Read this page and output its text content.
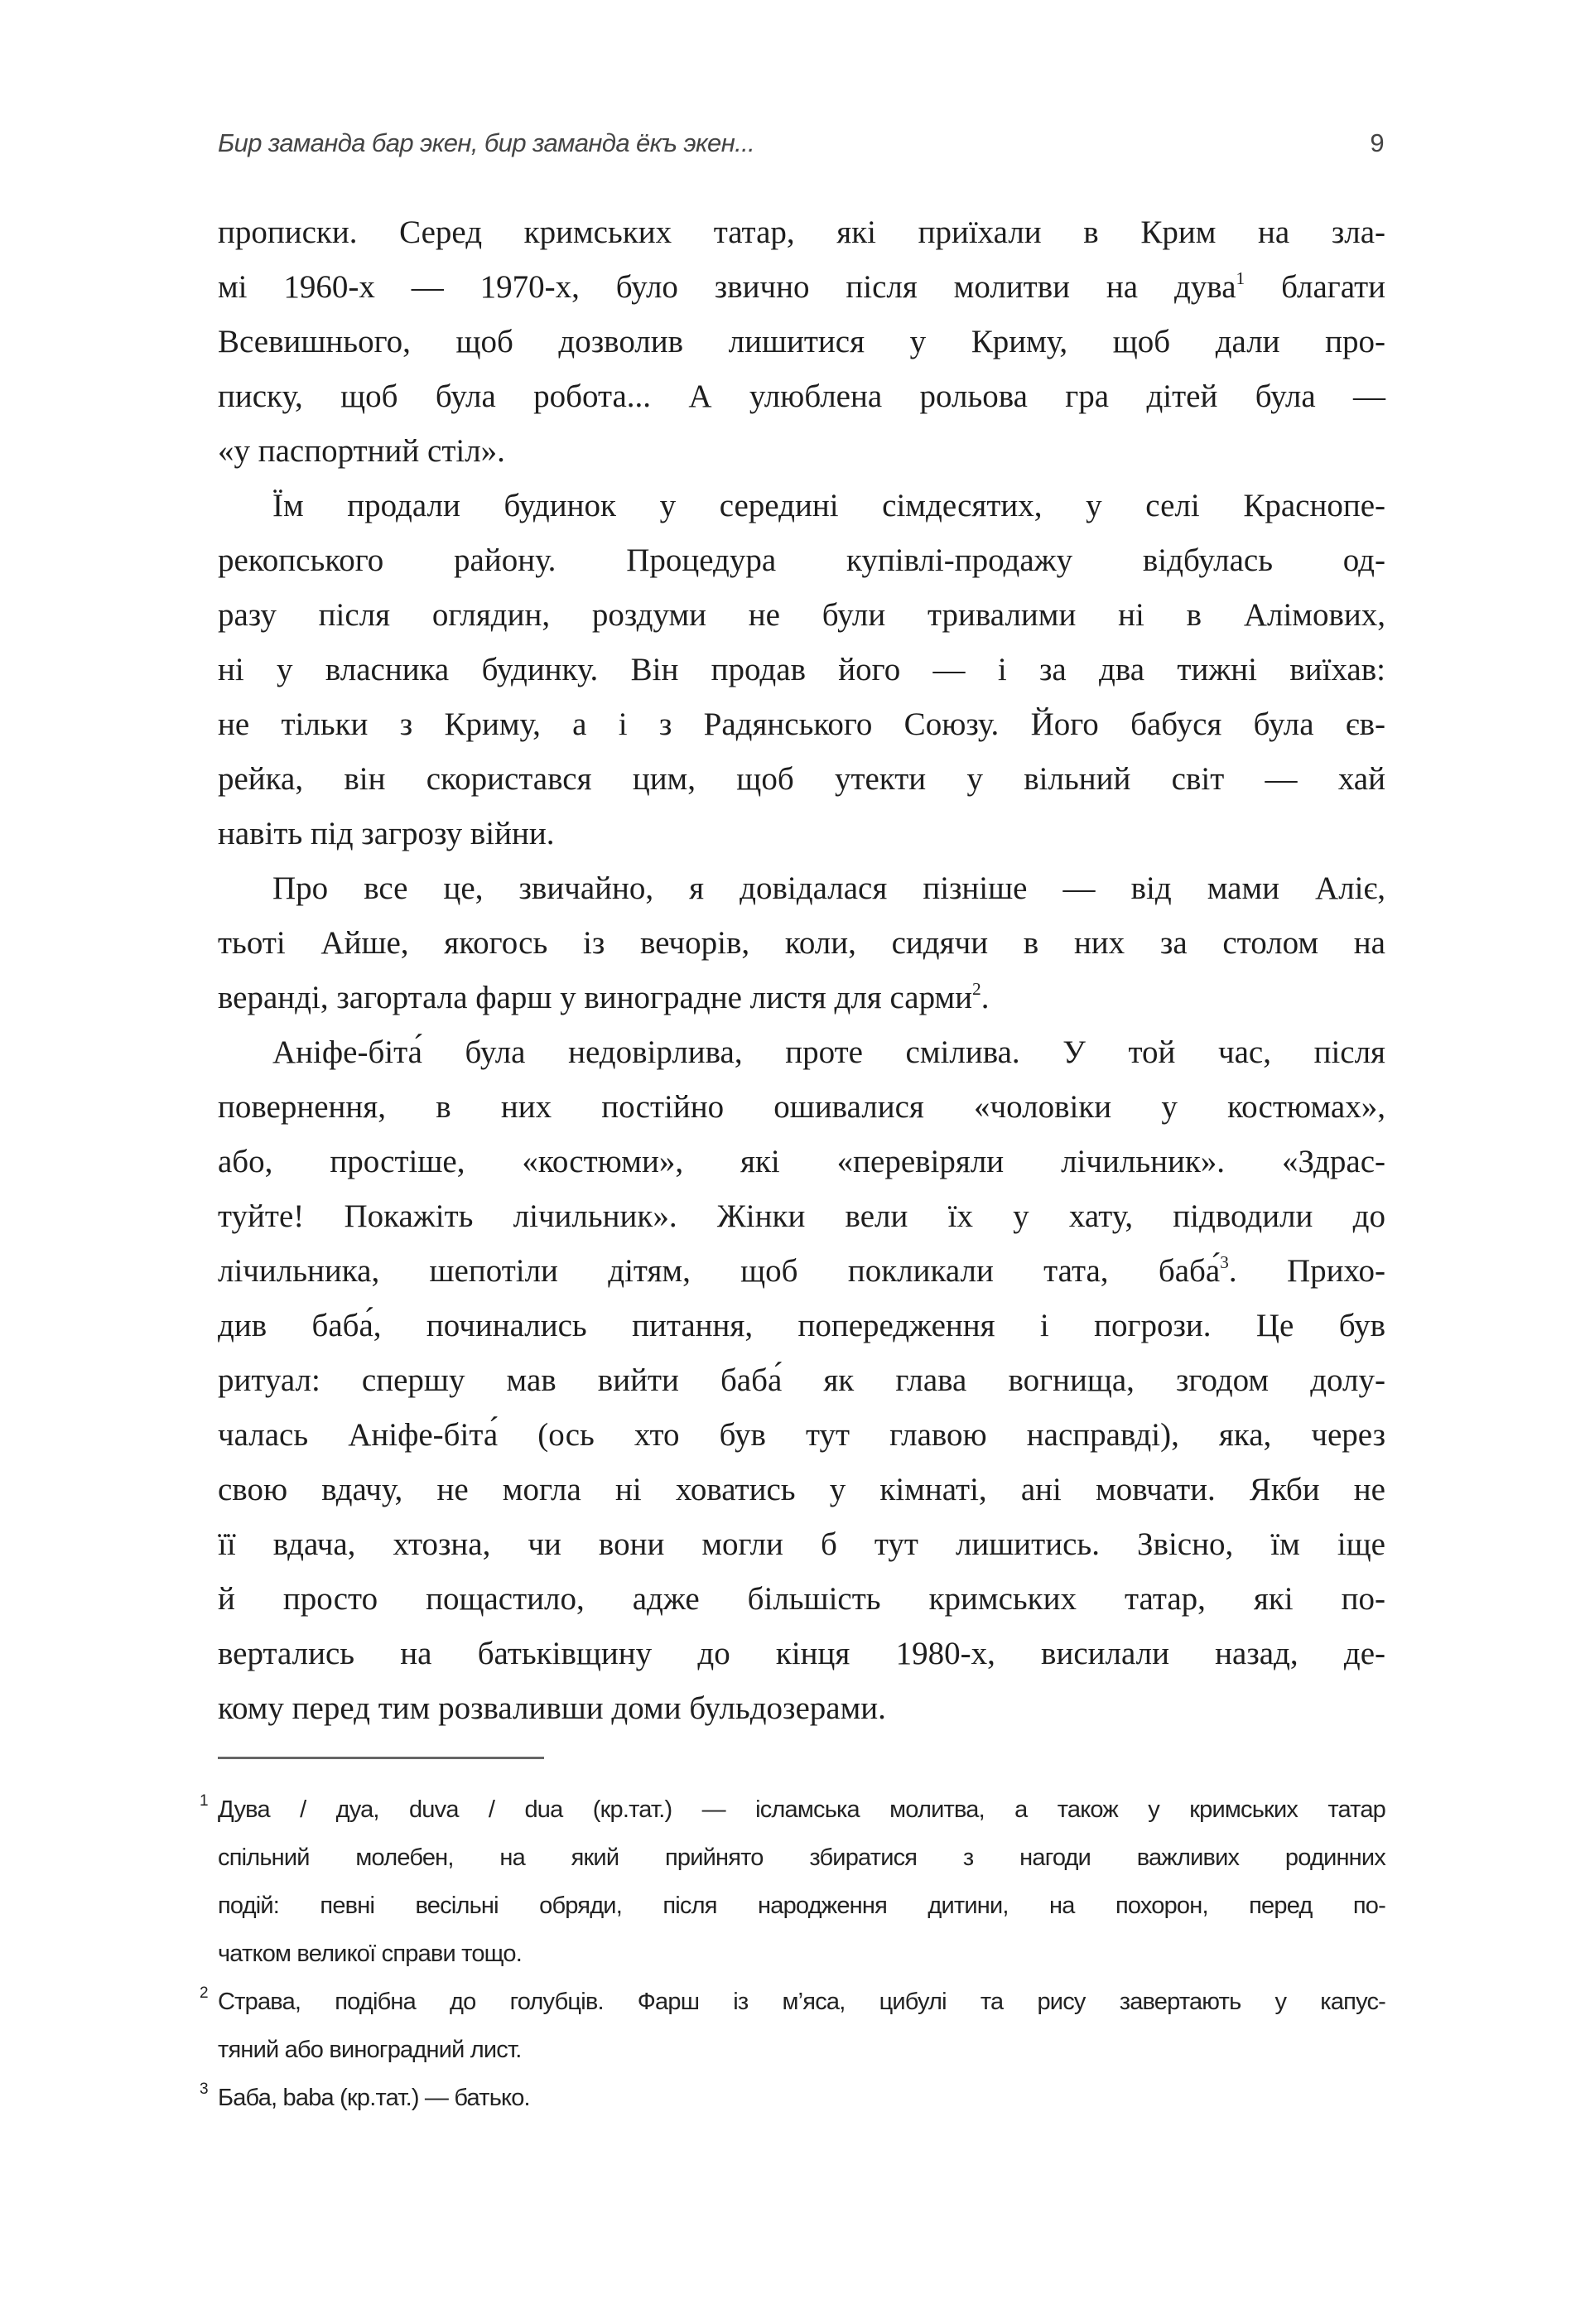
Бир заманда бар экен, бир заманда ёкъ экен...	9
прописки. Серед кримських татар, які приїхали в Крим на зла-
мі 1960-х — 1970-х, було звично після молитви на дува$^1$ благати
Всевишнього, щоб дозволив лишитися у Криму, щоб дали про-
писку, щоб була робота... А улюблена рольова гра дітей була —
«у паспортний стіл».
Їм продали будинок у середині сімдесятих, у селі Краснопе-
рекопського району. Процедура купівлі-продажу відбулась од-
разу після оглядин, роздуми не були тривалими ні в Алімових,
ні у власника будинку. Він продав його — і за два тижні виїхав:
не тільки з Криму, а і з Радянського Союзу. Його бабуся була єв-
рейка, він скористався цим, щоб утекти у вільний світ — хай
навіть під загрозу війни.
Про все це, звичайно, я довідалася пізніше — від мами Аліє,
тьоті Айше, якогось із вечорів, коли, сидячи в них за столом на
веранді, загортала фарш у виноградне листя для сарми$^2$.
Аніфе-біта́ була недовірлива, проте смілива. У той час, після
повернення, в них постійно ошивалися «чоловіки у костюмах»,
або, простіше, «костюми», які «перевіряли лічильник». «Здрас-
туйте! Покажіть лічильник». Жінки вели їх у хату, підводили до
лічильника, шепотіли дітям, щоб покликали тата, баба́$^3$. Прихо-
див баба́, починались питання, попередження і погрози. Це був
ритуал: спершу мав вийти баба́ як глава вогнища, згодом долу-
чалась Аніфе-біта́ (ось хто був тут главою насправді), яка, через
свою вдачу, не могла ні ховатись у кімнаті, ані мовчати. Якби не
її вдача, хтозна, чи вони могли б тут лишитись. Звісно, їм іще
й просто пощастило, адже більшість кримських татар, які по-
вертались на батьківщину до кінця 1980-х, висилали назад, де-
кому перед тим розваливши доми бульдозерами.
1 Дува / дуа, duva / dua (кр.тат.) — ісламська молитва, а також у кримських татар
спільний молебен, на який прийнято збиратися з нагоди важливих родинних
подій: певні весільні обряди, після народження дитини, на похорон, перед по-
чатком великої справи тощо.
2 Страва, подібна до голубців. Фарш із м’яса, цибулі та рису завертають у капус-
тяний або виноградний лист.
3 Баба, baba (кр.тат.) — батько.
